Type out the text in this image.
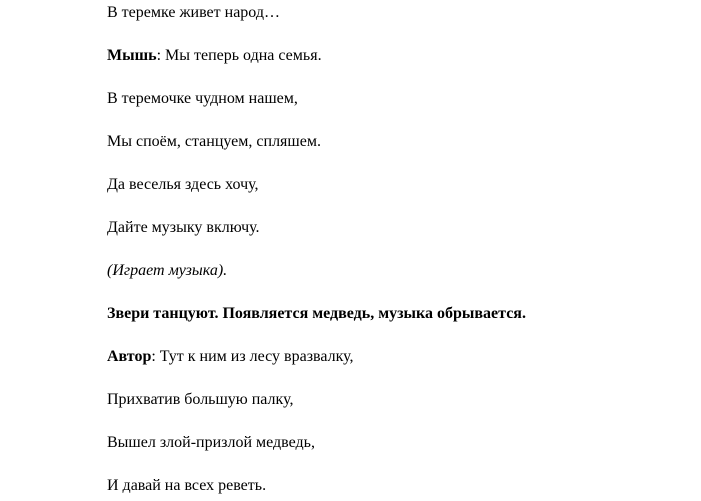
В теремке живет народ…
Мышь: Мы теперь одна семья.
В теремочке чудном нашем,
Мы споём, станцуем, спляшем.
Да веселья здесь хочу,
Дайте музыку включу.
(Играет музыка).
Звери танцуют. Появляется медведь, музыка обрывается.
Автор: Тут к ним из лесу вразвалку,
Прихватив большую палку,
Вышел злой-призлой медведь,
И давай на всех реветь.
